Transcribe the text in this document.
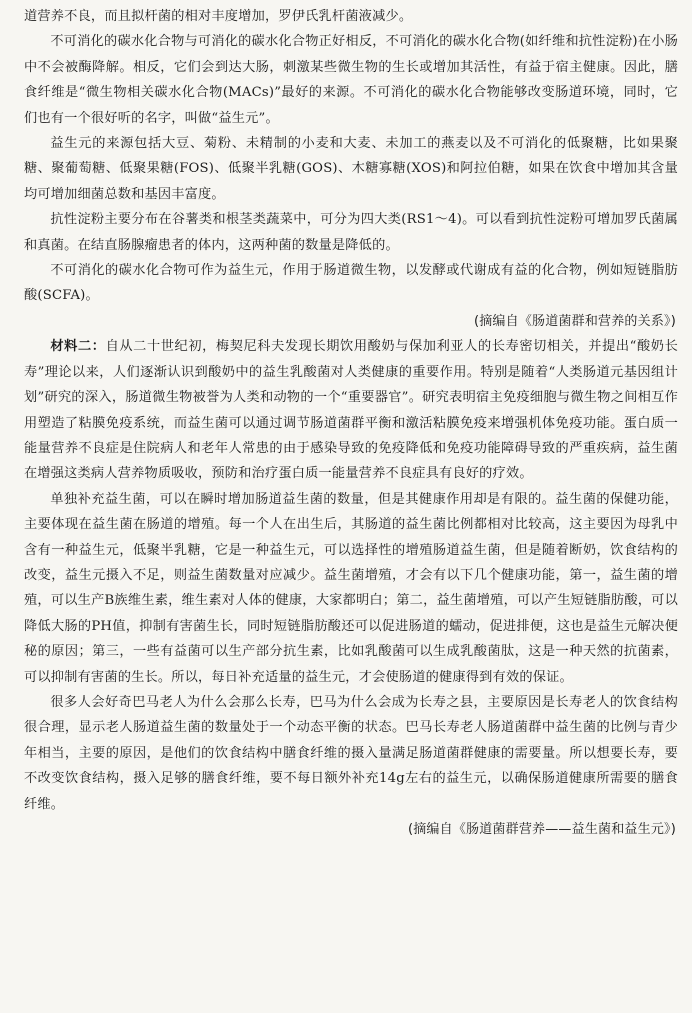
道营养不良，而且拟杆菌的相对丰度增加，罗伊氏乳杆菌液减少。

不可消化的碳水化合物与可消化的碳水化合物正好相反，不可消化的碳水化合物(如纤维和抗性淀粉)在小肠中不会被酶降解。相反，它们会到达大肠，刺激某些微生物的生长或增加其活性，有益于宿主健康。因此，膳食纤维是“微生物相关碳水化合物(MACs)”最好的来源。不可消化的碳水化合物能够改变肠道环境，同时，它们也有一个很好听的名字，叫做“益生元”。

益生元的来源包括大豆、菊粉、未精制的小麦和大麦、未加工的燕麦以及不可消化的低聚糖，比如果聚糖、聚葡萄糖、低聚果糖(FOS)、低聚半乳糖(GOS)、木糖寡糖(XOS)和阿拉伯糖，如果在饮食中增加其含量均可增加细菌总数和基因丰富度。

抗性淀粉主要分布在谷薯类和根茎类蔬菜中，可分为四大类(RS1～4)。可以看到抗性淀粉可增加罗氏菌属和真菌。在结直肠腺瘤患者的体内，这两种菌的数量是降低的。

不可消化的碳水化合物可作为益生元，作用于肠道微生物，以发酵或代谢成有益的化合物，例如短链脂肪酸(SCFA)。

(摘编自《肠道菌群和营养的关系》)

材料二：自从二十世纪初，梅契尼科夫发现长期饮用酸奶与保加利亚人的长寿密切相关，并提出“酸奶长寿”理论以来，人们逐渐认识到酸奶中的益生乳酸菌对人类健康的重要作用。特别是随着“人类肠道元基因组计划”研究的深入，肠道微生物被誉为人类和动物的一个“重要器官”。研究表明宿主免疫细胞与微生物之间相互作用塑造了粘膜免疫系统，而益生菌可以通过调节肠道菌群平衡和激活粘膜免疫来增强机体免疫功能。蛋白质一能量营养不良症是住院病人和老年人常患的由于感染导致的免疫降低和免疫功能障碍导致的严重疾病，益生菌在增强这类病人营养物质吸收，预防和治疗蛋白质一能量营养不良症具有良好的疗效。

单独补充益生菌，可以在瞬时增加肠道益生菌的数量，但是其健康作用却是有限的。益生菌的保健功能，主要体现在益生菌在肠道的增殖。每一个人在出生后，其肠道的益生菌比例都相对比较高，这主要因为母乳中含有一种益生元，低聚半乳糖，它是一种益生元，可以选择性的增殖肠道益生菌，但是随着断奶，饮食结构的改变，益生元摄入不足，则益生菌数量对应减少。益生菌增殖，才会有以下几个健康功能，第一，益生菌的增殖，可以生产B族维生素，维生素对人体的健康，大家都明白；第二，益生菌增殖，可以产生短链脂肪酸，可以降低大肠的PH值，抑制有害菌生长，同时短链脂肪酸还可以促进肠道的蠕动，促进排便，这也是益生元解决便秘的原因；第三，一些有益菌可以生产部分抗生素，比如乳酸菌可以生成乳酸菌肽，这是一种天然的抗菌素，可以抑制有害菌的生长。所以，每日补充适量的益生元，才会使肠道的健康得到有效的保证。

很多人会好奇巴马老人为什么会那么长寿，巴马为什么会成为长寿之县，主要原因是长寿老人的饮食结构很合理，显示老人肠道益生菌的数量处于一个动态平衡的状态。巴马长寿老人肠道菌群中益生菌的比例与青少年相当，主要的原因，是他们的饮食结构中膳食纤维的摄入量满足肠道菌群健康的需要量。所以想要长寿，要不改变饮食结构，摄入足够的膳食纤维，要不每日额外补充14g左右的益生元，以确保肠道健康所需要的膳食纤维。

(摘编自《肠道菌群营养——益生菌和益生元》)
